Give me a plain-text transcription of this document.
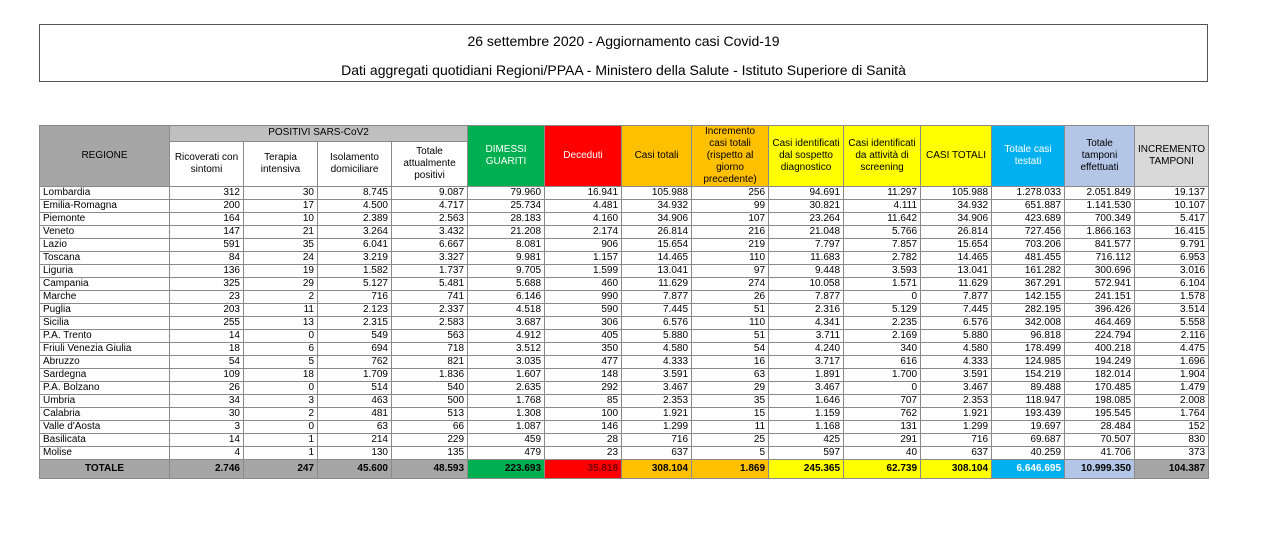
26 settembre 2020 - Aggiornamento casi Covid-19
Dati aggregati quotidiani Regioni/PPAA - Ministero della Salute - Istituto Superiore di Sanità
REGIONE	POSITIVI SARS-CoV2				DIMESSI GUARITI	Deceduti	Casi totali	Incremento casi totali (rispetto al giorno precedente)	Casi identificati dal sospetto diagnostico	Casi identificati da attività di screening	CASI TOTALI	Totale casi testati	Totale tamponi effettuati	INCREMENTO TAMPONI
	Ricoverati con sintomi	Terapia intensiva	Isolamento domiciliare	Totale attualmente positivi										
Lombardia	312	30	8.745	9.087	79.960	16.941	105.988	256	94.691	11.297	105.988	1.278.033	2.051.849	19.137
Emilia-Romagna	200	17	4.500	4.717	25.734	4.481	34.932	99	30.821	4.111	34.932	651.887	1.141.530	10.107
Piemonte	164	10	2.389	2.563	28.183	4.160	34.906	107	23.264	11.642	34.906	423.689	700.349	5.417
Veneto	147	21	3.264	3.432	21.208	2.174	26.814	216	21.048	5.766	26.814	727.456	1.866.163	16.415
Lazio	591	35	6.041	6.667	8.081	906	15.654	219	7.797	7.857	15.654	703.206	841.577	9.791
Toscana	84	24	3.219	3.327	9.981	1.157	14.465	110	11.683	2.782	14.465	481.455	716.112	6.953
Liguria	136	19	1.582	1.737	9.705	1.599	13.041	97	9.448	3.593	13.041	161.282	300.696	3.016
Campania	325	29	5.127	5.481	5.688	460	11.629	274	10.058	1.571	11.629	367.291	572.941	6.104
Marche	23	2	716	741	6.146	990	7.877	26	7.877	0	7.877	142.155	241.151	1.578
Puglia	203	11	2.123	2.337	4.518	590	7.445	51	2.316	5.129	7.445	282.195	396.426	3.514
Sicilia	255	13	2.315	2.583	3.687	306	6.576	110	4.341	2.235	6.576	342.008	464.469	5.558
P.A. Trento	14	0	549	563	4.912	405	5.880	51	3.711	2.169	5.880	96.818	224.794	2.116
Friuli Venezia Giulia	18	6	694	718	3.512	350	4.580	54	4.240	340	4.580	178.499	400.218	4.475
Abruzzo	54	5	762	821	3.035	477	4.333	16	3.717	616	4.333	124.985	194.249	1.696
Sardegna	109	18	1.709	1.836	1.607	148	3.591	63	1.891	1.700	3.591	154.219	182.014	1.904
P.A. Bolzano	26	0	514	540	2.635	292	3.467	29	3.467	0	3.467	89.488	170.485	1.479
Umbria	34	3	463	500	1.768	85	2.353	35	1.646	707	2.353	118.947	198.085	2.008
Calabria	30	2	481	513	1.308	100	1.921	15	1.159	762	1.921	193.439	195.545	1.764
Valle d'Aosta	3	0	63	66	1.087	146	1.299	11	1.168	131	1.299	19.697	28.484	152
Basilicata	14	1	214	229	459	28	716	25	425	291	716	69.687	70.507	830
Molise	4	1	130	135	479	23	637	5	597	40	637	40.259	41.706	373
TOTALE	2.746	247	45.600	48.593	223.693	35.818	308.104	1.869	245.365	62.739	308.104	6.646.695	10.999.350	104.387
